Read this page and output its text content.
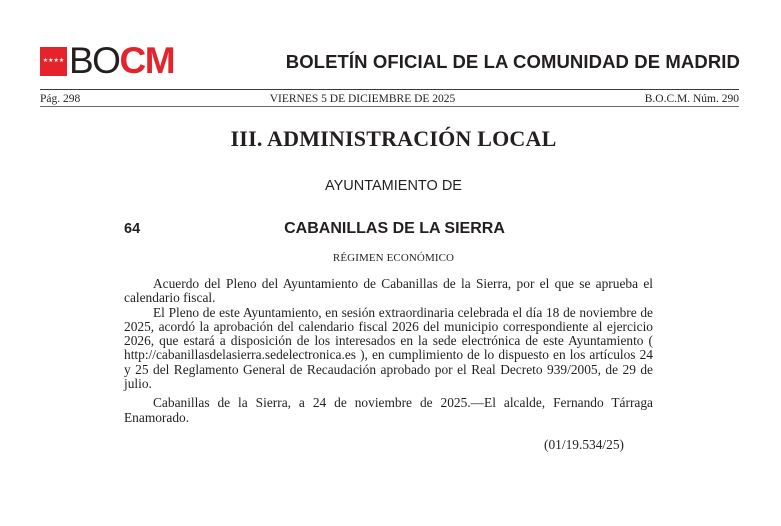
★★★★ BOCM	BOLETÍN OFICIAL DE LA COMUNIDAD DE MADRID
Pág. 298	VIERNES 5 DE DICIEMBRE DE 2025	B.O.C.M. Núm. 290
III. ADMINISTRACIÓN LOCAL
AYUNTAMIENTO DE
64	CABANILLAS DE LA SIERRA
RÉGIMEN ECONÓMICO

Acuerdo del Pleno del Ayuntamiento de Cabanillas de la Sierra, por el que se aprueba el calendario fiscal.

El Pleno de este Ayuntamiento, en sesión extraordinaria celebrada el día 18 de noviembre de 2025, acordó la aprobación del calendario fiscal 2026 del municipio correspondiente al ejercicio 2026, que estará a disposición de los interesados en la sede electrónica de este Ayuntamiento ( http://cabanillasdelasierra.sedelectronica.es ), en cumplimiento de lo dispuesto en los artículos 24 y 25 del Reglamento General de Recaudación aprobado por el Real Decreto 939/2005, de 29 de julio.

Cabanillas de la Sierra, a 24 de noviembre de 2025.—El alcalde, Fernando Tárraga Enamorado.

(01/19.534/25)
